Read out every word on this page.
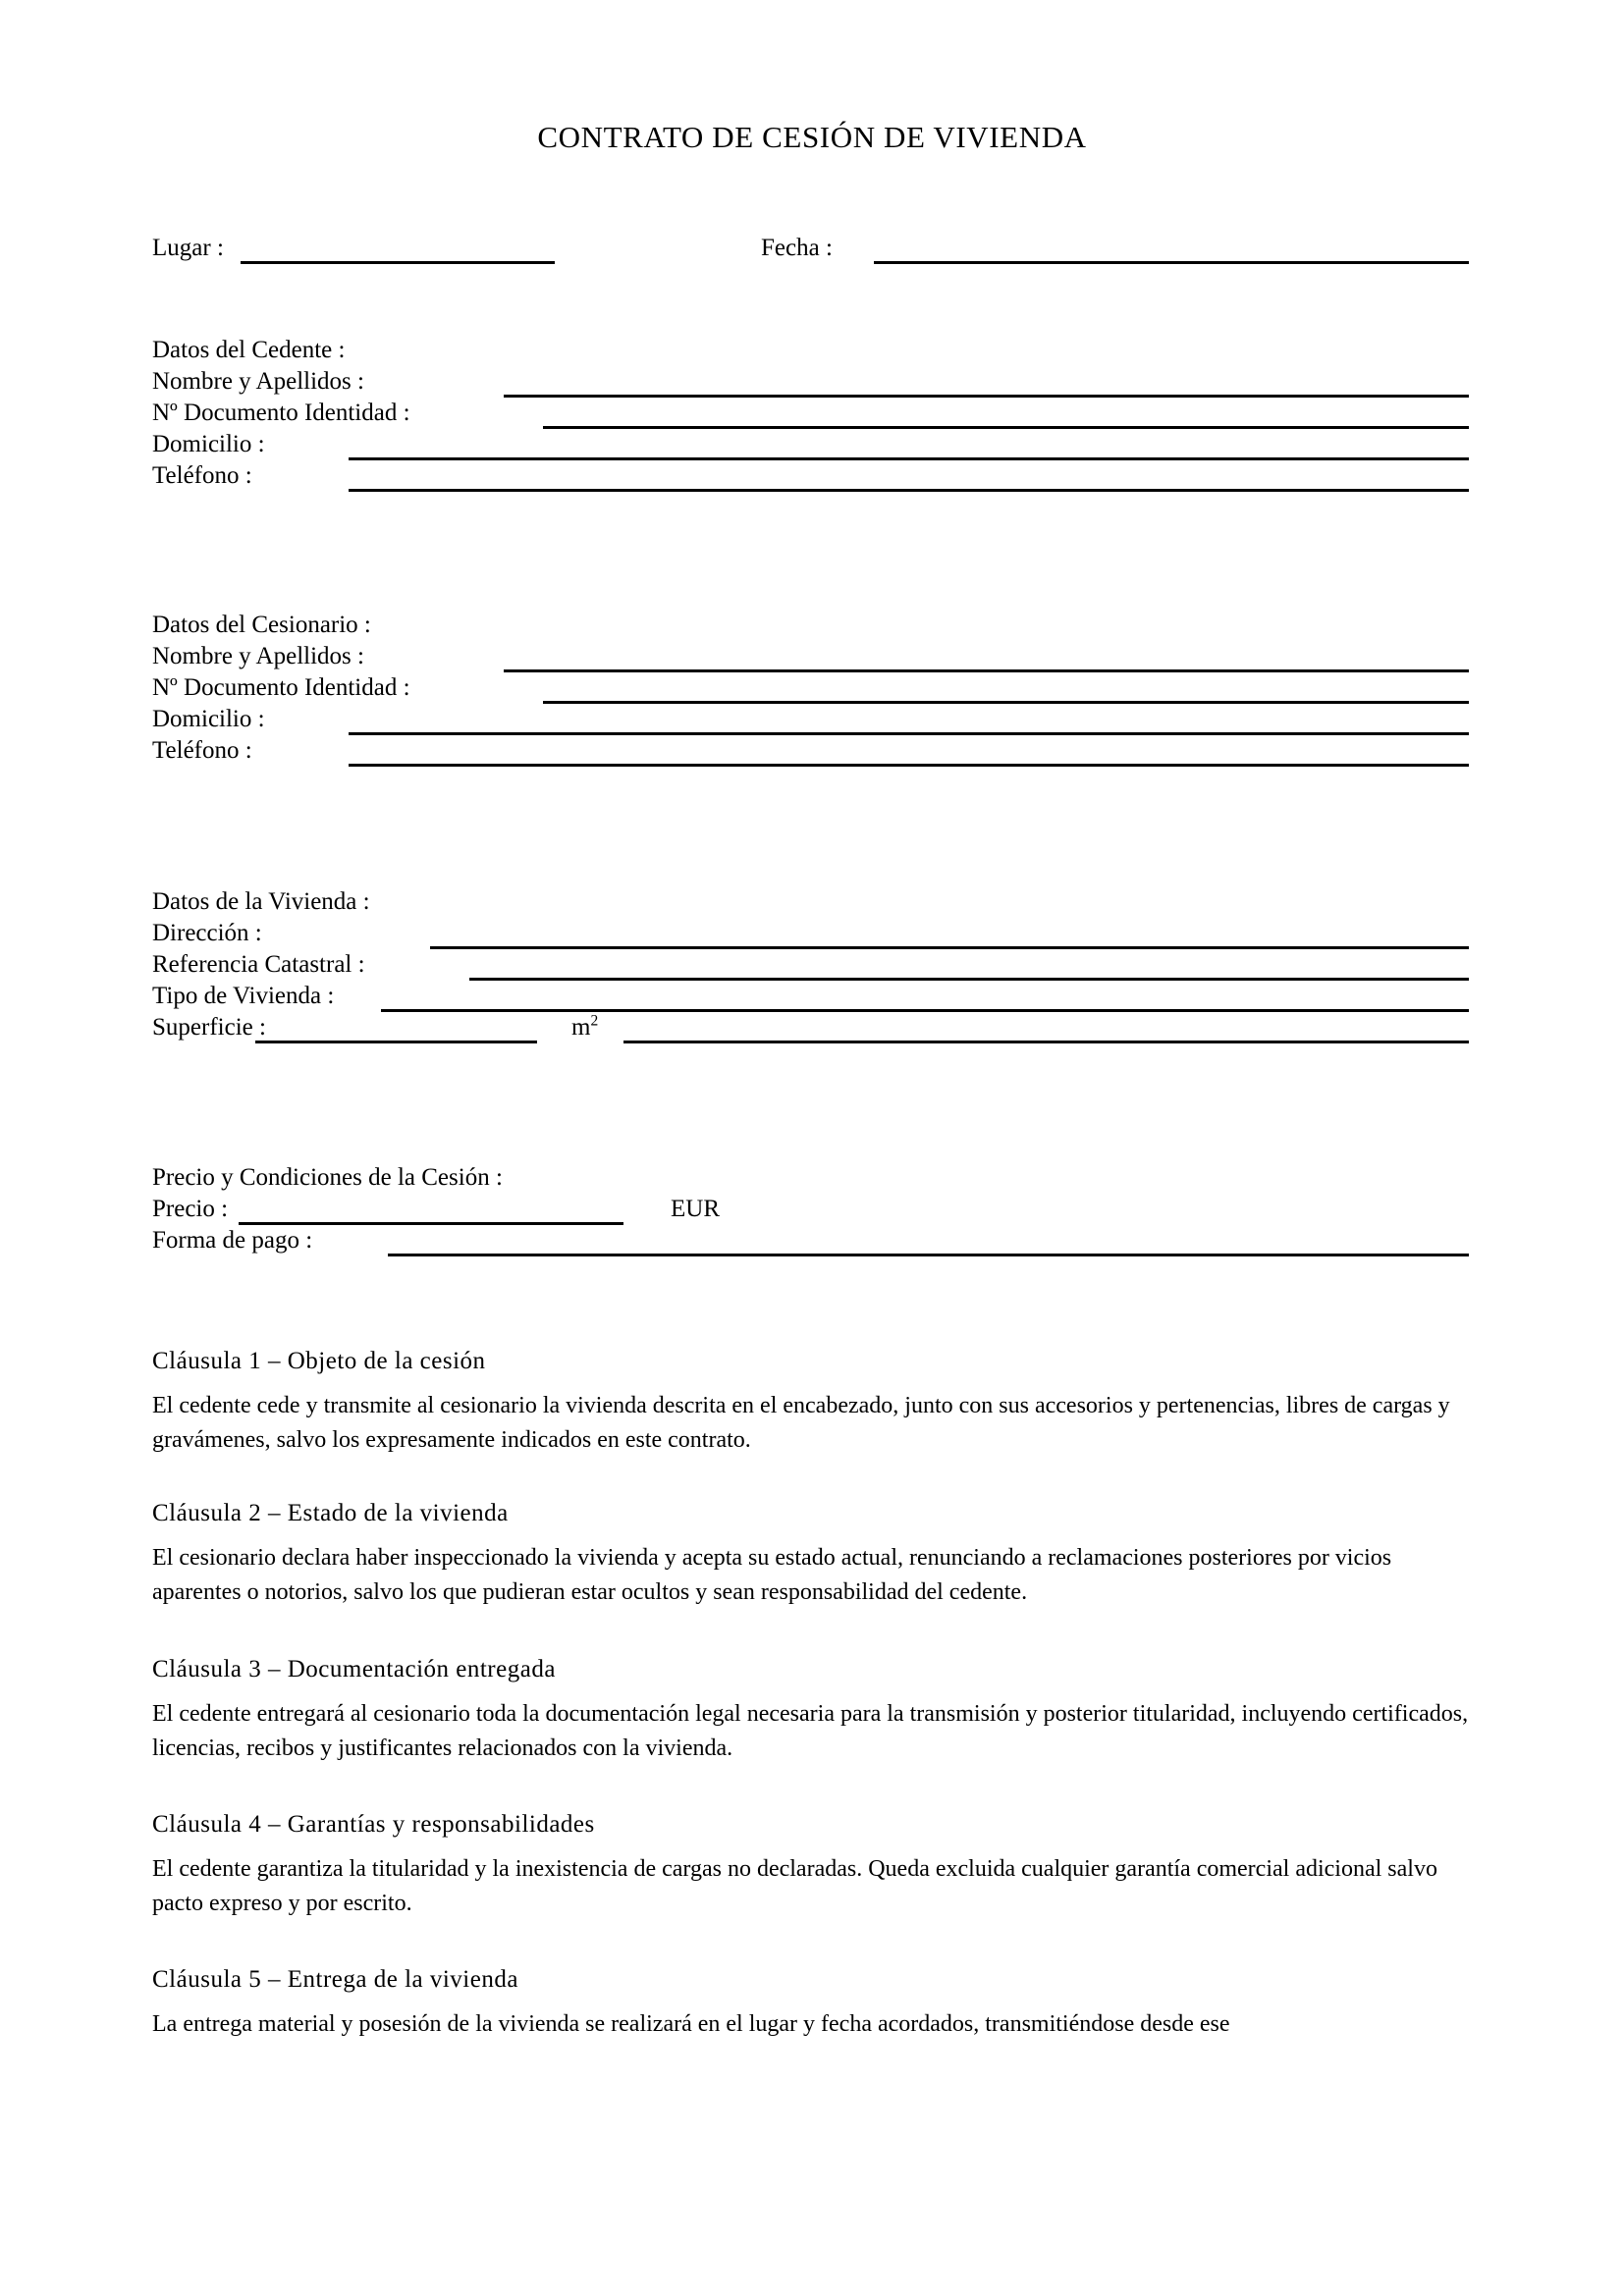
CONTRATO DE CESIÓN DE VIVIENDA
Lugar :	Fecha :
Datos del Cedente :
Nombre y Apellidos :
Nº Documento Identidad :
Domicilio :
Teléfono :
Datos del Cesionario :
Nombre y Apellidos :
Nº Documento Identidad :
Domicilio :
Teléfono :
Datos de la Vivienda :
Dirección :
Referencia Catastral :
Tipo de Vivienda :
Superficie :	$m^2$
Precio y Condiciones de la Cesión :
Precio :	EUR
Forma de pago :
Cláusula 1 – Objeto de la cesión
El cedente cede y transmite al cesionario la vivienda descrita en el encabezado, junto con sus accesorios y pertenencias, libres de cargas y gravámenes, salvo los expresamente indicados en este contrato.
Cláusula 2 – Estado de la vivienda
El cesionario declara haber inspeccionado la vivienda y acepta su estado actual, renunciando a reclamaciones posteriores por vicios aparentes o notorios, salvo los que pudieran estar ocultos y sean responsabilidad del cedente.
Cláusula 3 – Documentación entregada
El cedente entregará al cesionario toda la documentación legal necesaria para la transmisión y posterior titularidad, incluyendo certificados, licencias, recibos y justificantes relacionados con la vivienda.
Cláusula 4 – Garantías y responsabilidades
El cedente garantiza la titularidad y la inexistencia de cargas no declaradas. Queda excluida cualquier garantía comercial adicional salvo pacto expreso y por escrito.
Cláusula 5 – Entrega de la vivienda
La entrega material y posesión de la vivienda se realizará en el lugar y fecha acordados, transmitiéndose desde ese
